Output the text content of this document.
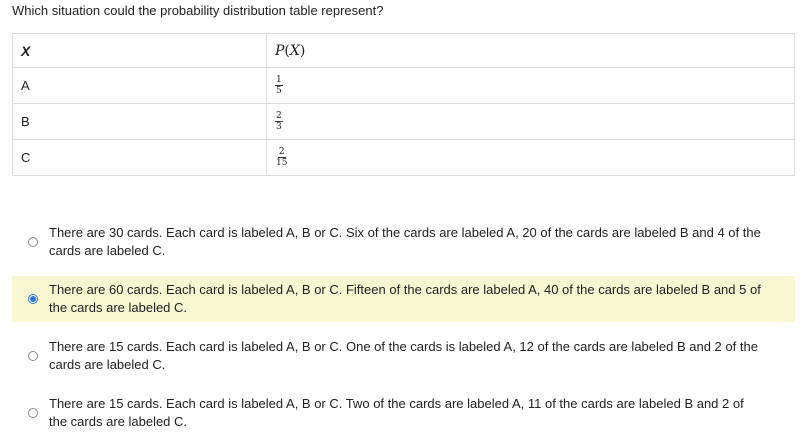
Which situation could the probability distribution table represent?
X	P(X)
A	$\frac{1}{5}$

B	$\frac{2}{3}$

C	$\frac{2}{15}$
There are 30 cards. Each card is labeled A, B or C. Six of the cards are labeled A, 20 of the cards are labeled B and 4 of the cards are labeled C.
There are 60 cards. Each card is labeled A, B or C. Fifteen of the cards are labeled A, 40 of the cards are labeled B and 5 of the cards are labeled C.
There are 15 cards. Each card is labeled A, B or C. One of the cards is labeled A, 12 of the cards are labeled B and 2 of the cards are labeled C.
There are 15 cards. Each card is labeled A, B or C. Two of the cards are labeled A, 11 of the cards are labeled B and 2 of the cards are labeled C.
